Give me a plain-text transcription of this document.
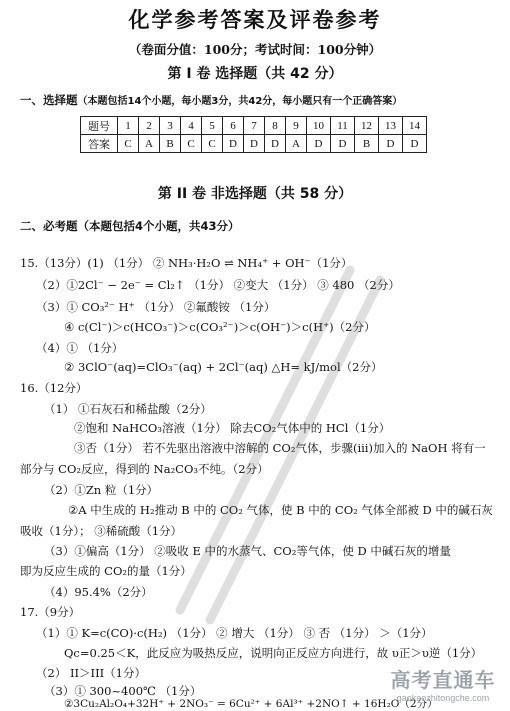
化学参考答案及评卷参考
（卷面分值：100分；考试时间：100分钟）
第 I 卷 选择题（共 42 分）
一、选择题（本题包括14个小题，每小题3分，共42分，每小题只有一个正确答案）
题号	1	2	3	4	5	6	7	8	9	10	11	12	13	14
答案	C	A	B	C	C	D	D	D	A	D	D	B	D	D
第 II 卷 非选择题（共 58 分）
二、必考题（本题包括4个小题，共43分）
15.（13分）(1) （1分） ② NH₃·H₂O ⇌ NH₄⁺ + OH⁻（1分）
（2）①2Cl⁻ − 2e⁻ = Cl₂↑ （1分） ②变大 （1分） ③ 480 （2分）
（3）① CO₃²⁻ H⁺ （1分） ②氟酸铵 （1分）
④ c(Cl⁻)＞c(HCO₃⁻)＞c(CO₃²⁻)＞c(OH⁻)＞c(H⁺)（2分）
（4）① （1分）
② 3ClO⁻(aq)=ClO₃⁻(aq) + 2Cl⁻(aq) △H= kJ/mol（2分）
16.（12分）
（1） ①石灰石和稀盐酸（2分）
②饱和 NaHCO₃溶液（1分） 除去CO₂气体中的 HCl（1分）
③否（1分） 若不先驱出溶液中溶解的 CO₂气体，步骤(iii)加入的 NaOH 将有一
部分与 CO₂反应，得到的 Na₂CO₃不纯。（2分）
（2）①Zn 粒（1分）
②A 中生成的 H₂推动 B 中的 CO₂ 气体，使 B 中的 CO₂ 气体全部被 D 中的碱石灰
吸收（1分）； ③稀硫酸（1分）
（3）①偏高（1分） ②吸收 E 中的水蒸气、CO₂等气体，使 D 中碱石灰的增量
即为反应生成的 CO₂的量（1分）
（4）95.4%（2分）
17.（9分）
（1）① K=c(CO)·c(H₂) （1分） ② 增大 （1分） ③ 否 （1分） ＞（1分）
Qc=0.25＜K，此反应为吸热反应，说明向正反应方向进行，故 υ正＞υ逆（1分）
（2） II＞III（1分）
（3）① 300~400℃ （1分）
②3Cu₂Al₂O₄+32H⁺ + 2NO₃⁻ = 6Cu²⁺ + 6Al³⁺ +2NO↑ + 16H₂O（2分）
高考直通车
gaokaozhitongche.com
